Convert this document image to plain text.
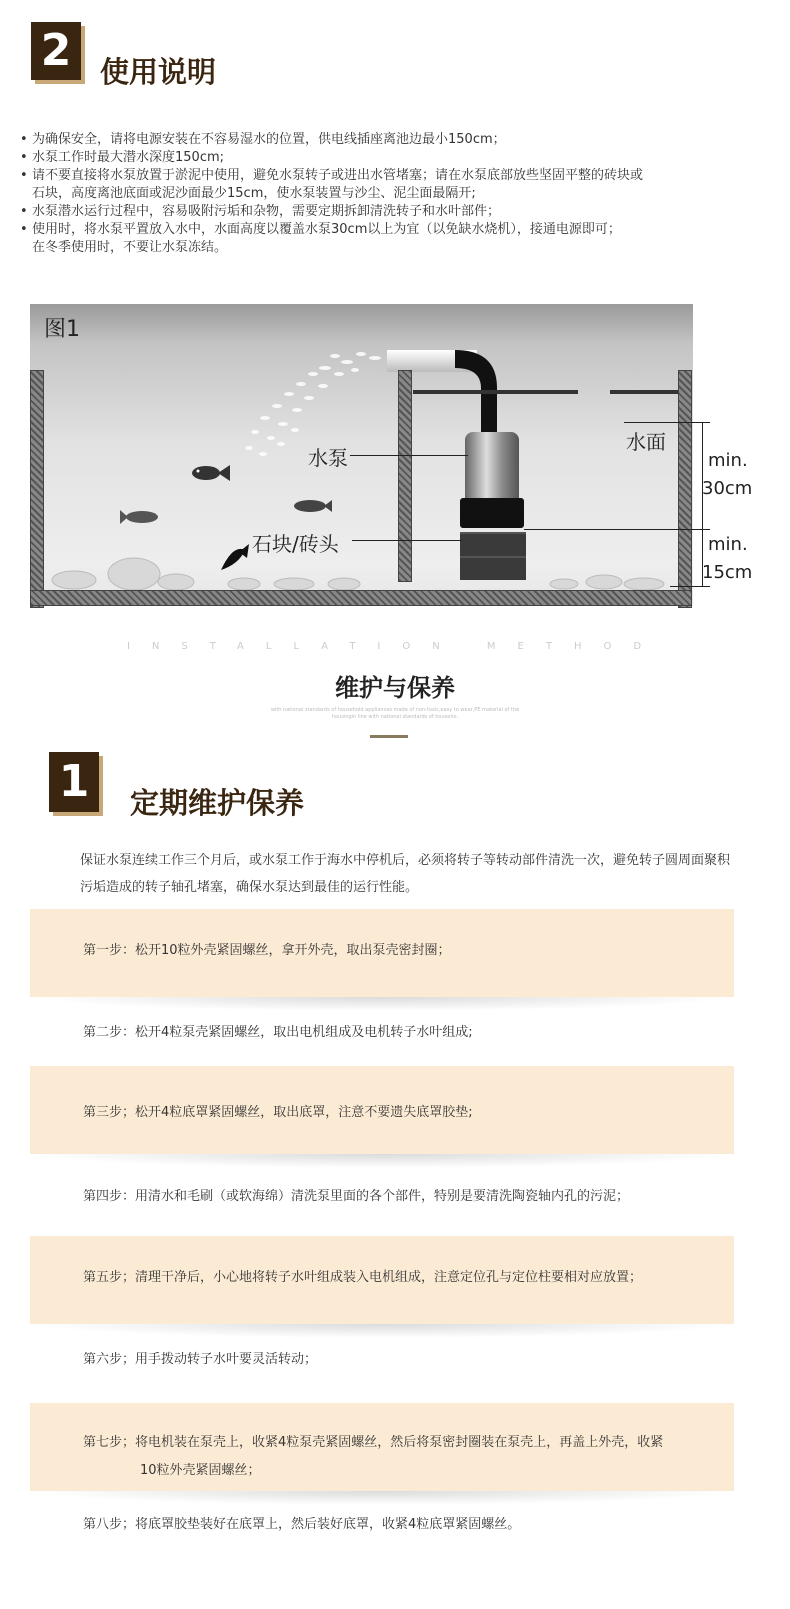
2 使用说明
• 为确保安全，请将电源安装在不容易湿水的位置，供电线插座离池边最小150cm；
• 水泵工作时最大潜水深度150cm;
• 请不要直接将水泵放置于淤泥中使用，避免水泵转子或进出水管堵塞；请在水泵底部放些坚固平整的砖块或
石块，高度离池底面或泥沙面最少15cm，使水泵装置与沙尘、泥尘面最隔开;
• 水泵潜水运行过程中，容易吸附污垢和杂物，需要定期拆卸清洗转子和水叶部件；
• 使用时，将水泵平置放入水中，水面高度以覆盖水泵30cm以上为宜（以免缺水烧机），接通电源即可；
在冬季使用时，不要让水泵冻结。
图1
水泵
石块/砖头
水面
min.
30cm
min.
15cm
INSTALLATION METHOD
维护与保养
with national standards of household appliances made of non-toxic,easy to wear,PE material of the
housingin line with national standards of househo.
1	定期维护保养
保证水泵连续工作三个月后，或水泵工作于海水中停机后，必须将转子等转动部件清洗一次，避免转子圆周面聚积污垢造成的转子轴孔堵塞，确保水泵达到最佳的运行性能。
第一步：松开10粒外壳紧固螺丝，拿开外壳，取出泵壳密封圈；
第二步：松开4粒泵壳紧固螺丝，取出电机组成及电机转子水叶组成;
第三步；松开4粒底罩紧固螺丝，取出底罩，注意不要遗失底罩胶垫;
第四步：用清水和毛刷（或软海绵）清洗泵里面的各个部件，特别是要清洗陶瓷轴内孔的污泥；
第五步；清理干净后，小心地将转子水叶组成装入电机组成，注意定位孔与定位柱要相对应放置；
第六步；用手拨动转子水叶要灵活转动；
第七步；将电机装在泵壳上，收紧4粒泵壳紧固螺丝，然后将泵密封圈装在泵壳上，再盖上外壳，收紧
10粒外壳紧固螺丝；
第八步；将底罩胶垫装好在底罩上，然后装好底罩，收紧4粒底罩紧固螺丝。
